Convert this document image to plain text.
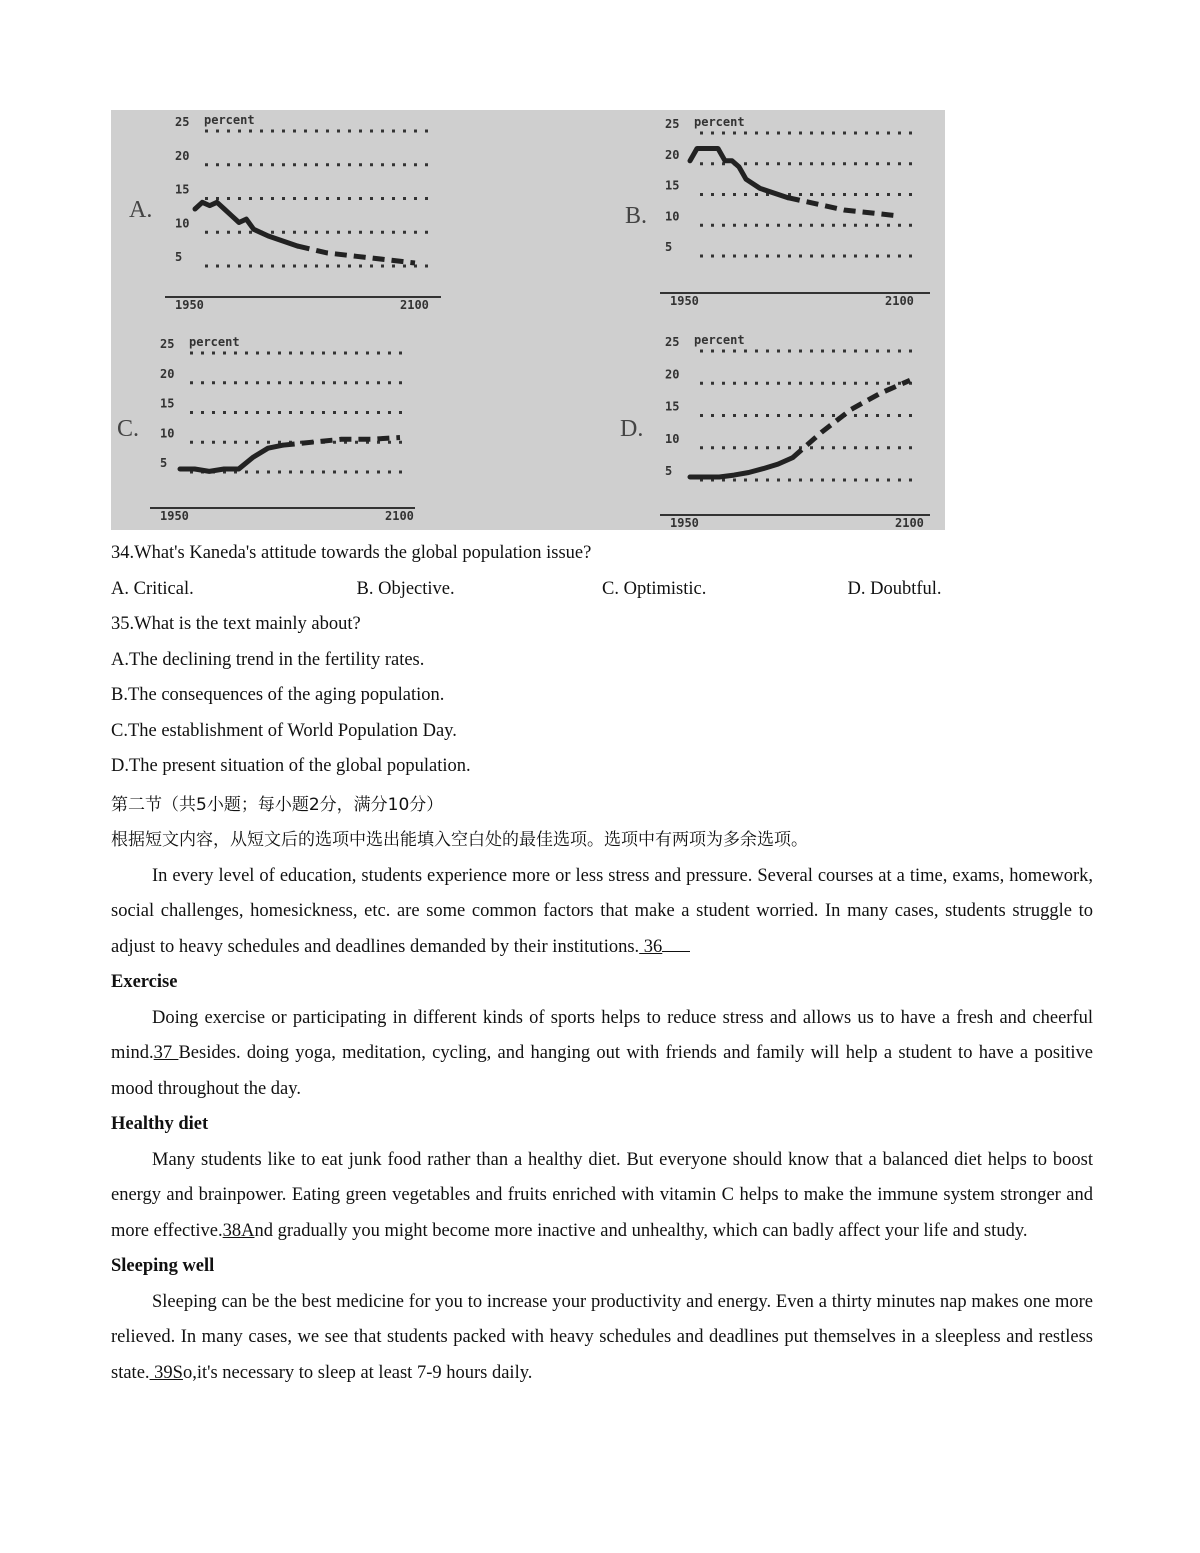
A.
25
20
15
10
5
percent
1950	2100
B.
25
20
15
10
5
percent
1950	2100
C.
25
20
15
10
5
percent
1950	2100
D.
25
20
15
10
5
percent
1950	2100
34.What's Kaneda's attitude towards the global population issue?
A. Critical.	B. Objective.	C. Optimistic.	D. Doubtful.
35.What is the text mainly about?
A.The declining trend in the fertility rates.
B.The consequences of the aging population.
C.The establishment of World Population Day.
D.The present situation of the global population.
第二节（共5小题；每小题2分，满分10分）
根据短文内容，从短文后的选项中选出能填入空白处的最佳选项。选项中有两项为多余选项。

In every level of education, students experience more or less stress and pressure. Several courses at a time, exams, homework, social challenges, homesickness, etc. are some common factors that make a student worried. In many cases, students struggle to adjust to heavy schedules and deadlines demanded by their institutions. 36

Exercise

Doing exercise or participating in different kinds of sports helps to reduce stress and allows us to have a fresh and cheerful mind.37 Besides. doing yoga, meditation, cycling, and hanging out with friends and family will help a student to have a positive mood throughout the day.

Healthy diet

Many students like to eat junk food rather than a healthy diet. But everyone should know that a balanced diet helps to boost energy and brainpower. Eating green vegetables and fruits enriched with vitamin C helps to make the immune system stronger and more effective.38And gradually you might become more inactive and unhealthy, which can badly affect your life and study.

Sleeping well

Sleeping can be the best medicine for you to increase your productivity and energy. Even a thirty minutes nap makes one more relieved. In many cases, we see that students packed with heavy schedules and deadlines put themselves in a sleepless and restless state. 39So,it's necessary to sleep at least 7-9 hours daily.
